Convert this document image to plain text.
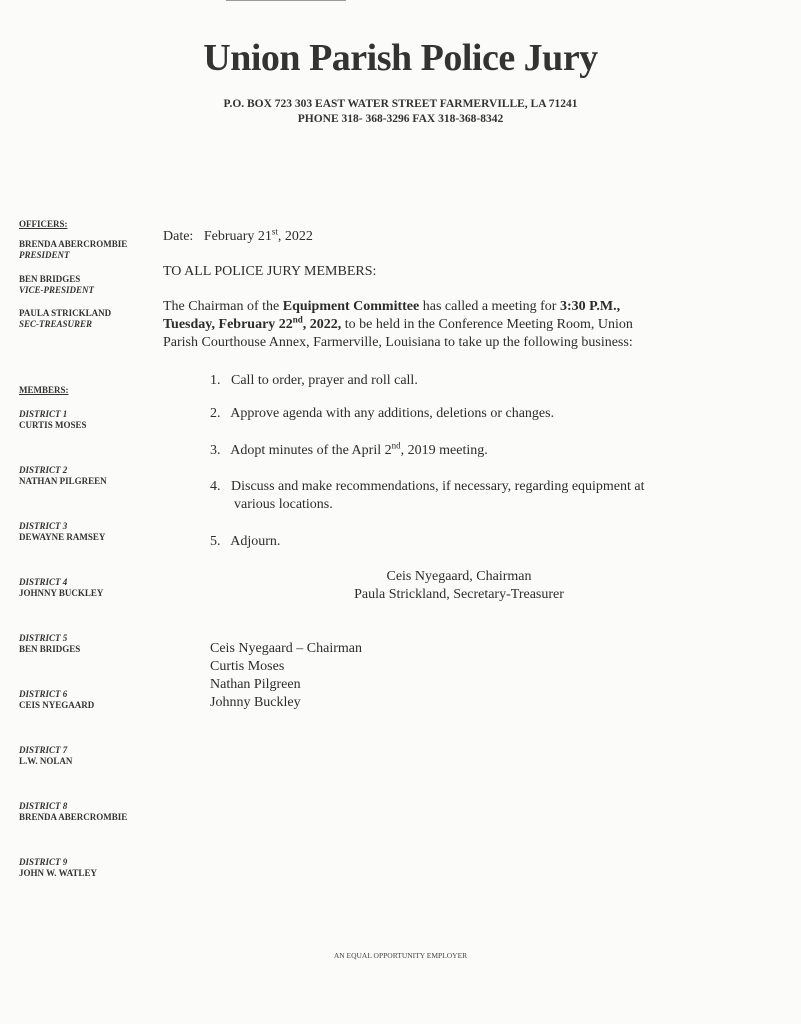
Union Parish Police Jury
P.O. BOX 723 303 EAST WATER STREET FARMERVILLE, LA 71241
PHONE 318- 368-3296 FAX 318-368-8342
OFFICERS:
BRENDA ABERCROMBIE
PRESIDENT
BEN BRIDGES
VICE-PRESIDENT
PAULA STRICKLAND
SEC-TREASURER
MEMBERS:
DISTRICT 1
CURTIS MOSES
DISTRICT 2
NATHAN PILGREEN
DISTRICT 3
DEWAYNE RAMSEY
DISTRICT 4
JOHNNY BUCKLEY
DISTRICT 5
BEN BRIDGES
DISTRICT 6
CEIS NYEGAARD
DISTRICT 7
L.W. NOLAN
DISTRICT 8
BRENDA ABERCROMBIE
DISTRICT 9
JOHN W. WATLEY
Date: February 21st, 2022
TO ALL POLICE JURY MEMBERS:
The Chairman of the Equipment Committee has called a meeting for 3:30 P.M.,
Tuesday, February 22nd, 2022, to be held in the Conference Meeting Room, Union
Parish Courthouse Annex, Farmerville, Louisiana to take up the following business:
1. Call to order, prayer and roll call.
2. Approve agenda with any additions, deletions or changes.
3. Adopt minutes of the April 2nd, 2019 meeting.
4. Discuss and make recommendations, if necessary, regarding equipment at
various locations.
5. Adjourn.
Ceis Nyegaard, Chairman
Paula Strickland, Secretary-Treasurer
Ceis Nyegaard – Chairman
Curtis Moses
Nathan Pilgreen
Johnny Buckley
AN EQUAL OPPORTUNITY EMPLOYER
